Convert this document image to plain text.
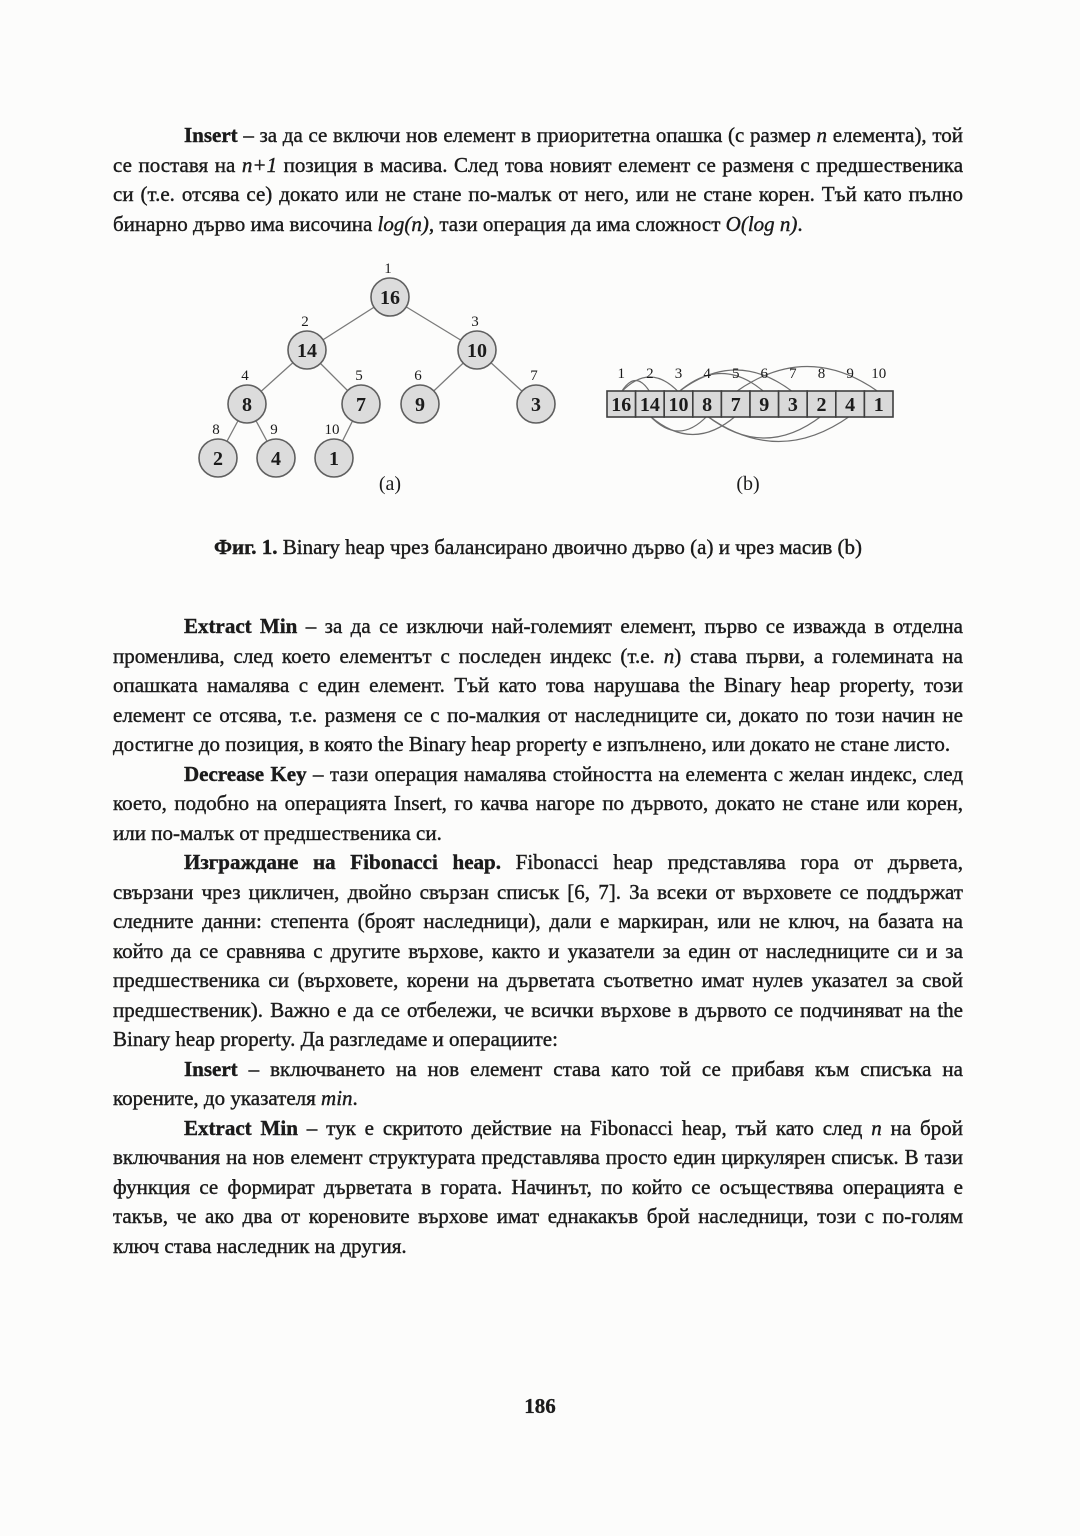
Insert – за да се включи нов елемент в приоритетна опашка (с размер n елемента), той се поставя на n+1 позиция в масива. След това новият елемент се разменя с предшественика си (т.е. отсява се) докато или не стане по-малък от него, или не стане корен. Тъй като пълно бинарно дърво има височина log(n), тази операция да има сложност O(log n).

16
1
14
2
10
3
8
4
7
5
9
6
3
7
2
8
4
9
1
10
(a)
16
1
14
2
10
3
8
4
7
5
9
6
3
7
2
8
4
9
1
10
(b)

Фиг. 1. Binary heap чрез балансирано двоично дърво (a) и чрез масив (b)

Extract Min – за да се изключи най-големият елемент, първо се изважда в отделна променлива, след което елементът с последен индекс (т.е. n) става първи, а големината на опашката намалява с един елемент. Тъй като това нарушава the Binary heap property, този елемент се отсява, т.е. разменя се с по-малкия от наследниците си, докато по този начин не достигне до позиция, в която the Binary heap property е изпълнено, или докато не стане листо.

Decrease Key – тази операция намалява стойността на елемента с желан индекс, след което, подобно на операцията Insert, го качва нагоре по дървото, докато не стане или корен, или по-малък от предшественика си.

Изграждане на Fibonacci heap. Fibonacci heap представлява гора от дървета, свързани чрез цикличен, двойно свързан списък [6, 7]. За всеки от върховете се поддържат следните данни: степента (броят наследници), дали е маркиран, или не ключ, на базата на който да се сравнява с другите върхове, както и указатели за един от наследниците си и за предшественика си (върховете, корени на дърветата съответно имат нулев указател за свой предшественик). Важно е да се отбележи, че всички върхове в дървото се подчиняват на the Binary heap property. Да разгледаме и операциите:

Insert – включването на нов елемент става като той се прибавя към списъка на корените, до указателя min.

Extract Min – тук е скритото действие на Fibonacci heap, тъй като след n на брой включвания на нов елемент структурата представлява просто един циркулярен списък. В тази функция се формират дърветата в гората. Начинът, по който се осъществява операцията е такъв, че ако два от кореновите върхове имат еднакакъв брой наследници, този с по-голям ключ става наследник на другия.

186
